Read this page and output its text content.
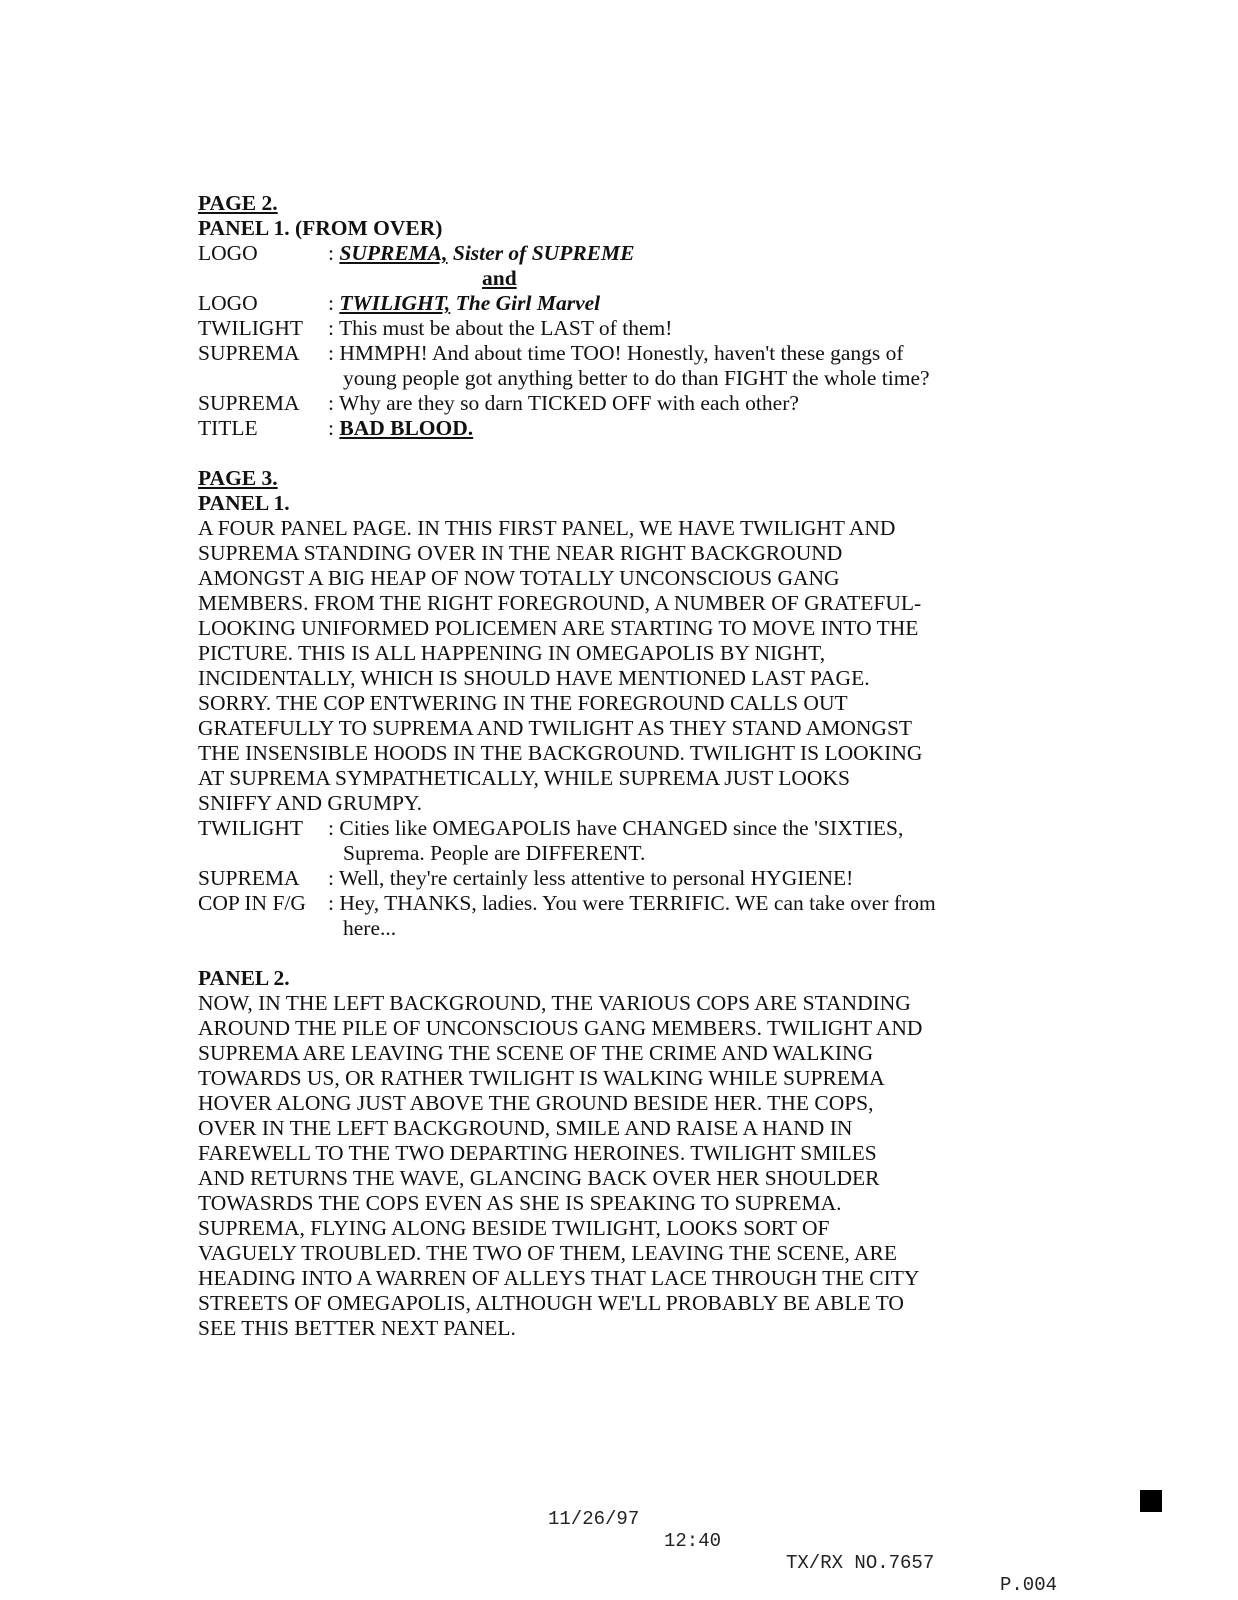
PAGE 2.
PANEL 1. (FROM OVER)
LOGO	: SUPREMA, Sister of SUPREME
and
LOGO	: TWILIGHT, The Girl Marvel
TWILIGHT	: This must be about the LAST of them!
SUPREMA	: HMMPH! And about time TOO! Honestly, haven't these gangs of
young people got anything better to do than FIGHT the whole time?
SUPREMA	: Why are they so darn TICKED OFF with each other?
TITLE	: BAD BLOOD.
PAGE 3.
PANEL 1.
A FOUR PANEL PAGE. IN THIS FIRST PANEL, WE HAVE TWILIGHT AND
SUPREMA STANDING OVER IN THE NEAR RIGHT BACKGROUND
AMONGST A BIG HEAP OF NOW TOTALLY UNCONSCIOUS GANG
MEMBERS. FROM THE RIGHT FOREGROUND, A NUMBER OF GRATEFUL-
LOOKING UNIFORMED POLICEMEN ARE STARTING TO MOVE INTO THE
PICTURE. THIS IS ALL HAPPENING IN OMEGAPOLIS BY NIGHT,
INCIDENTALLY, WHICH IS SHOULD HAVE MENTIONED LAST PAGE.
SORRY. THE COP ENTWERING IN THE FOREGROUND CALLS OUT
GRATEFULLY TO SUPREMA AND TWILIGHT AS THEY STAND AMONGST
THE INSENSIBLE HOODS IN THE BACKGROUND. TWILIGHT IS LOOKING
AT SUPREMA SYMPATHETICALLY, WHILE SUPREMA JUST LOOKS
SNIFFY AND GRUMPY.
TWILIGHT	: Cities like OMEGAPOLIS have CHANGED since the 'SIXTIES,
Suprema. People are DIFFERENT.
SUPREMA	: Well, they're certainly less attentive to personal HYGIENE!
COP IN F/G	: Hey, THANKS, ladies. You were TERRIFIC. WE can take over from
here...
PANEL 2.
NOW, IN THE LEFT BACKGROUND, THE VARIOUS COPS ARE STANDING
AROUND THE PILE OF UNCONSCIOUS GANG MEMBERS. TWILIGHT AND
SUPREMA ARE LEAVING THE SCENE OF THE CRIME AND WALKING
TOWARDS US, OR RATHER TWILIGHT IS WALKING WHILE SUPREMA
HOVER ALONG JUST ABOVE THE GROUND BESIDE HER. THE COPS,
OVER IN THE LEFT BACKGROUND, SMILE AND RAISE A HAND IN
FAREWELL TO THE TWO DEPARTING HEROINES. TWILIGHT SMILES
AND RETURNS THE WAVE, GLANCING BACK OVER HER SHOULDER
TOWASRDS THE COPS EVEN AS SHE IS SPEAKING TO SUPREMA.
SUPREMA, FLYING ALONG BESIDE TWILIGHT, LOOKS SORT OF
VAGUELY TROUBLED. THE TWO OF THEM, LEAVING THE SCENE, ARE
HEADING INTO A WARREN OF ALLEYS THAT LACE THROUGH THE CITY
STREETS OF OMEGAPOLIS, ALTHOUGH WE'LL PROBABLY BE ABLE TO
SEE THIS BETTER NEXT PANEL.

11/26/97

12:40

TX/RX NO.7657

P.004
